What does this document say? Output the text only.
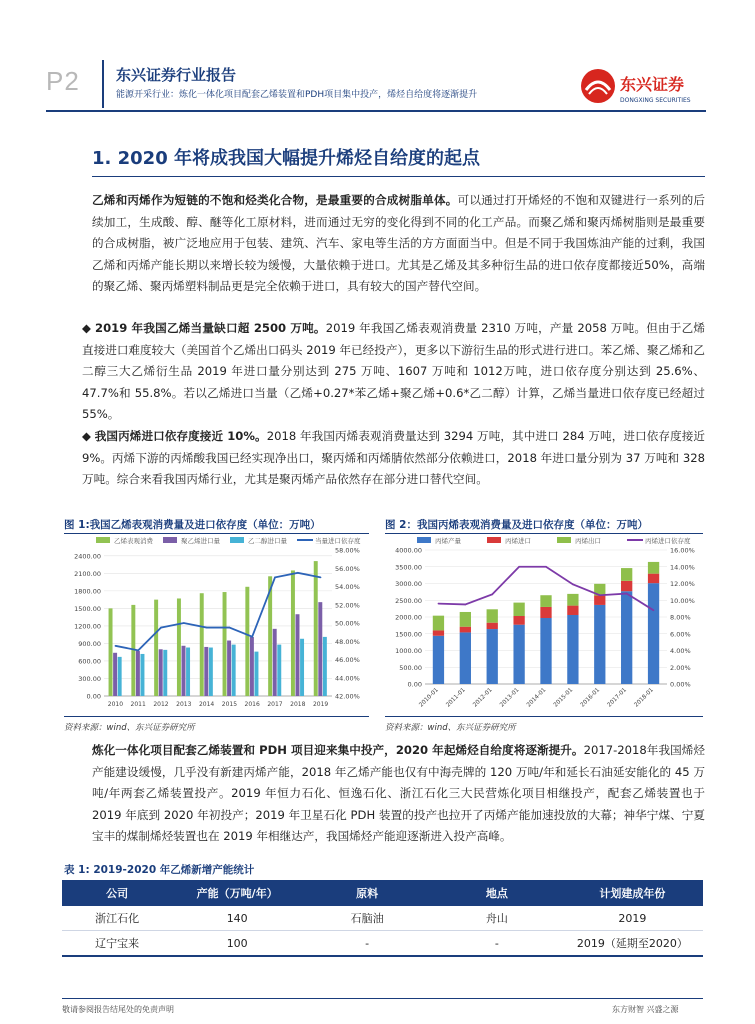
P2 东兴证券行业报告
能源开采行业：炼化一体化项目配套乙烯装置和PDH项目集中投产，烯烃自给度将逐渐提升
东兴证券
DONGXING SECURITIES
1. 2020 年将成我国大幅提升烯烃自给度的起点
乙烯和丙烯作为短链的不饱和烃类化合物，是最重要的合成树脂单体。可以通过打开烯烃的不饱和双键进行一系列的后续加工，生成酸、醇、醚等化工原材料，进而通过无穷的变化得到不同的化工产品。而聚乙烯和聚丙烯树脂则是最重要的合成树脂，被广泛地应用于包装、建筑、汽车、家电等生活的方方面面当中。但是不同于我国炼油产能的过剩，我国乙烯和丙烯产能长期以来增长较为缓慢，大量依赖于进口。尤其是乙烯及其多种衍生品的进口依存度都接近50%，高端的聚乙烯、聚丙烯塑料制品更是完全依赖于进口，具有较大的国产替代空间。
◆ 2019 年我国乙烯当量缺口超 2500 万吨。2019 年我国乙烯表观消费量 2310 万吨，产量 2058 万吨。但由于乙烯直接进口难度较大（美国首个乙烯出口码头 2019 年已经投产），更多以下游衍生品的形式进行进口。苯乙烯、聚乙烯和乙二醇三大乙烯衍生品 2019 年进口量分别达到 275 万吨、1607 万吨和 1012万吨，进口依存度分别达到 25.6%、47.7%和 55.8%。若以乙烯进口当量（乙烯+0.27*苯乙烯+聚乙烯+0.6*乙二醇）计算，乙烯当量进口依存度已经超过 55%。
◆ 我国丙烯进口依存度接近 10%。2018 年我国丙烯表观消费量达到 3294 万吨，其中进口 284 万吨，进口依存度接近 9%。丙烯下游的丙烯酸我国已经实现净出口，聚丙烯和丙烯腈依然部分依赖进口，2018 年进口量分别为 37 万吨和 328 万吨。综合来看我国丙烯行业，尤其是聚丙烯产品依然存在部分进口替代空间。
图 1:我国乙烯表观消费量及进口依存度（单位：万吨）
乙烯表观消费	聚乙烯进口量	乙二醇进口量	当量进口依存度
0.00
300.00
600.00
900.00
1200.00
1500.00
1800.00
2100.00
2400.00
42.00%
44.00%
46.00%
48.00%
50.00%
52.00%
54.00%
56.00%
58.00%
2010 2011 2012 2013 2014 2015 2016 2017 2018 2019
资料来源：wind、东兴证券研究所
图 2：我国丙烯表观消费量及进口依存度（单位：万吨）
丙烯产量	丙烯进口	丙烯出口	丙烯进口依存度
0.00
500.00
1000.00
1500.00
2000.00
2500.00
3000.00
3500.00
4000.00
0.00%
2.00%
4.00%
6.00%
8.00%
10.00%
12.00%
14.00%
16.00%
2010-01 2011-01 2012-01 2013-01 2014-01 2015-01 2016-01 2017-01 2018-01
资料来源：wind、东兴证券研究所
炼化一体化项目配套乙烯装置和 PDH 项目迎来集中投产，2020 年起烯烃自给度将逐渐提升。2017-2018年我国烯烃产能建设缓慢，几乎没有新建丙烯产能，2018 年乙烯产能也仅有中海壳牌的 120 万吨/年和延长石油延安能化的 45 万吨/年两套乙烯装置投产。2019 年恒力石化、恒逸石化、浙江石化三大民营炼化项目相继投产，配套乙烯装置也于 2019 年底到 2020 年初投产；2019 年卫星石化 PDH 装置的投产也拉开了丙烯产能加速投放的大幕；神华宁煤、宁夏宝丰的煤制烯烃装置也在 2019 年相继达产，我国烯烃产能迎逐渐进入投产高峰。
表 1: 2019-2020 年乙烯新增产能统计
公司	产能（万吨/年）	原料	地点	计划建成年份
浙江石化	140	石脑油	舟山	2019
辽宁宝来	100	-	-	2019（延期至2020）
敬请参阅报告结尾处的免责声明	东方财智 兴盛之源
